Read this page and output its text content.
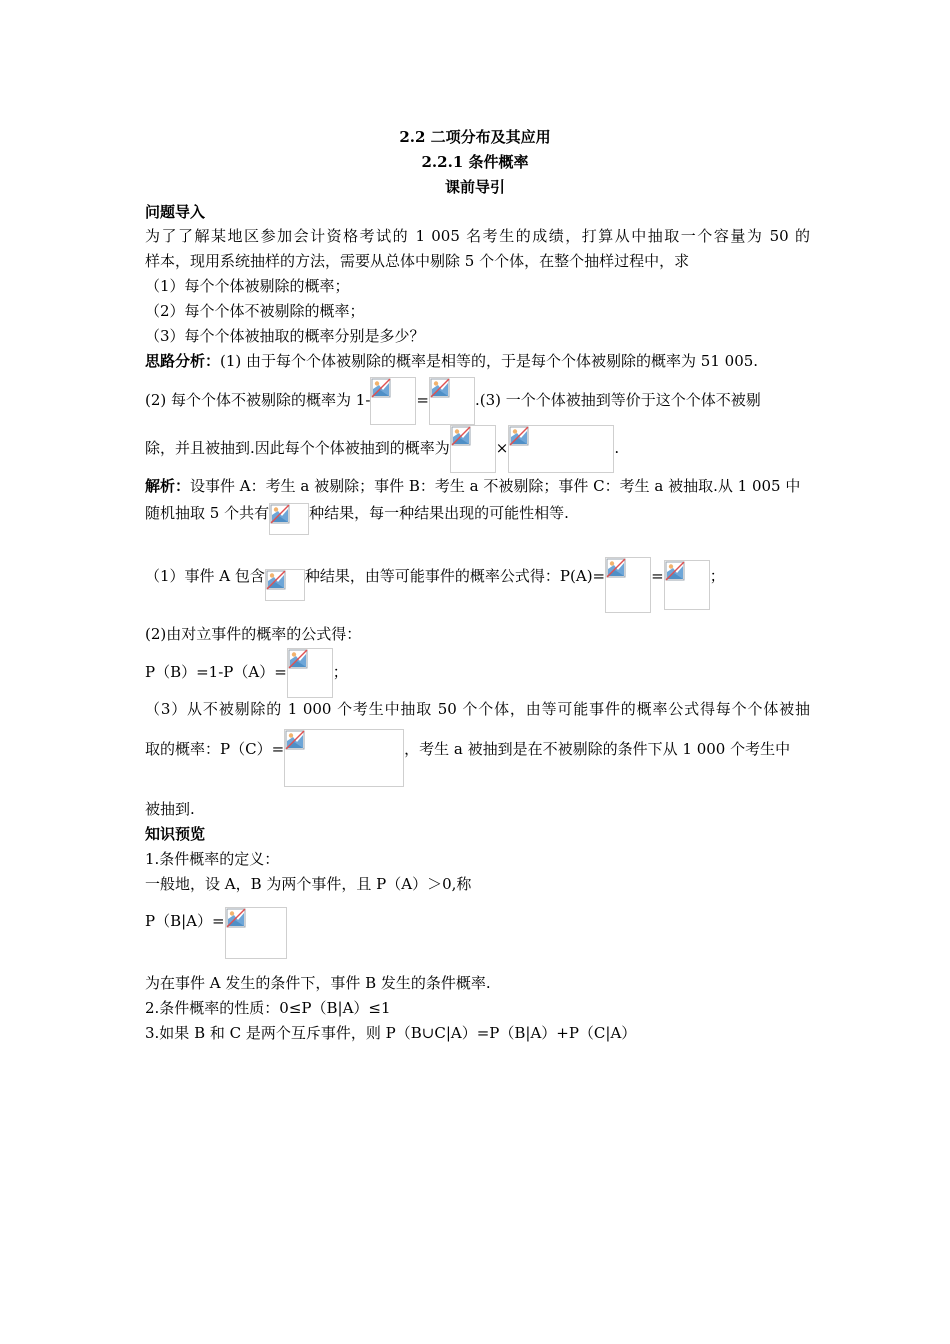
2.2 二项分布及其应用
2.2.1 条件概率
课前导引
问题导入
为了了解某地区参加会计资格考试的 1 005 名考生的成绩，打算从中抽取一个容量为 50 的
样本，现用系统抽样的方法，需要从总体中剔除 5 个个体，在整个抽样过程中，求
（1）每个个体被剔除的概率；
（2）每个个体不被剔除的概率；
（3）每个个体被抽取的概率分别是多少？
思路分析：(1) 由于每个个体被剔除的概率是相等的，于是每个个体被剔除的概率为 51 005.
(2) 每个个体不被剔除的概率为 1-	=	.(3) 一个个体被抽到等价于这个个体不被剔
除，并且被抽到.因此每个个体被抽到的概率为	×	.
解析：设事件 A：考生 a 被剔除；事件 B：考生 a 不被剔除；事件 C：考生 a 被抽取.从 1 005 中
随机抽取 5 个共有	种结果，每一种结果出现的可能性相等.
（1）事件 A 包含	种结果，由等可能事件的概率公式得：P(A)=	=	；
(2)由对立事件的概率的公式得：
P（B）=1-P（A）=	；
（3）从不被剔除的 1 000 个考生中抽取 50 个个体，由等可能事件的概率公式得每个个体被抽
取的概率：P（C）=	，考生 a 被抽到是在不被剔除的条件下从 1 000 个考生中
被抽到.
知识预览
1.条件概率的定义：
一般地，设 A，B 为两个事件，且 P（A）＞0,称
P（B|A）=
为在事件 A 发生的条件下，事件 B 发生的条件概率.
2.条件概率的性质：0≤P（B|A）≤1
3.如果 B 和 C 是两个互斥事件，则 P（B∪C|A）=P（B|A）+P（C|A）
